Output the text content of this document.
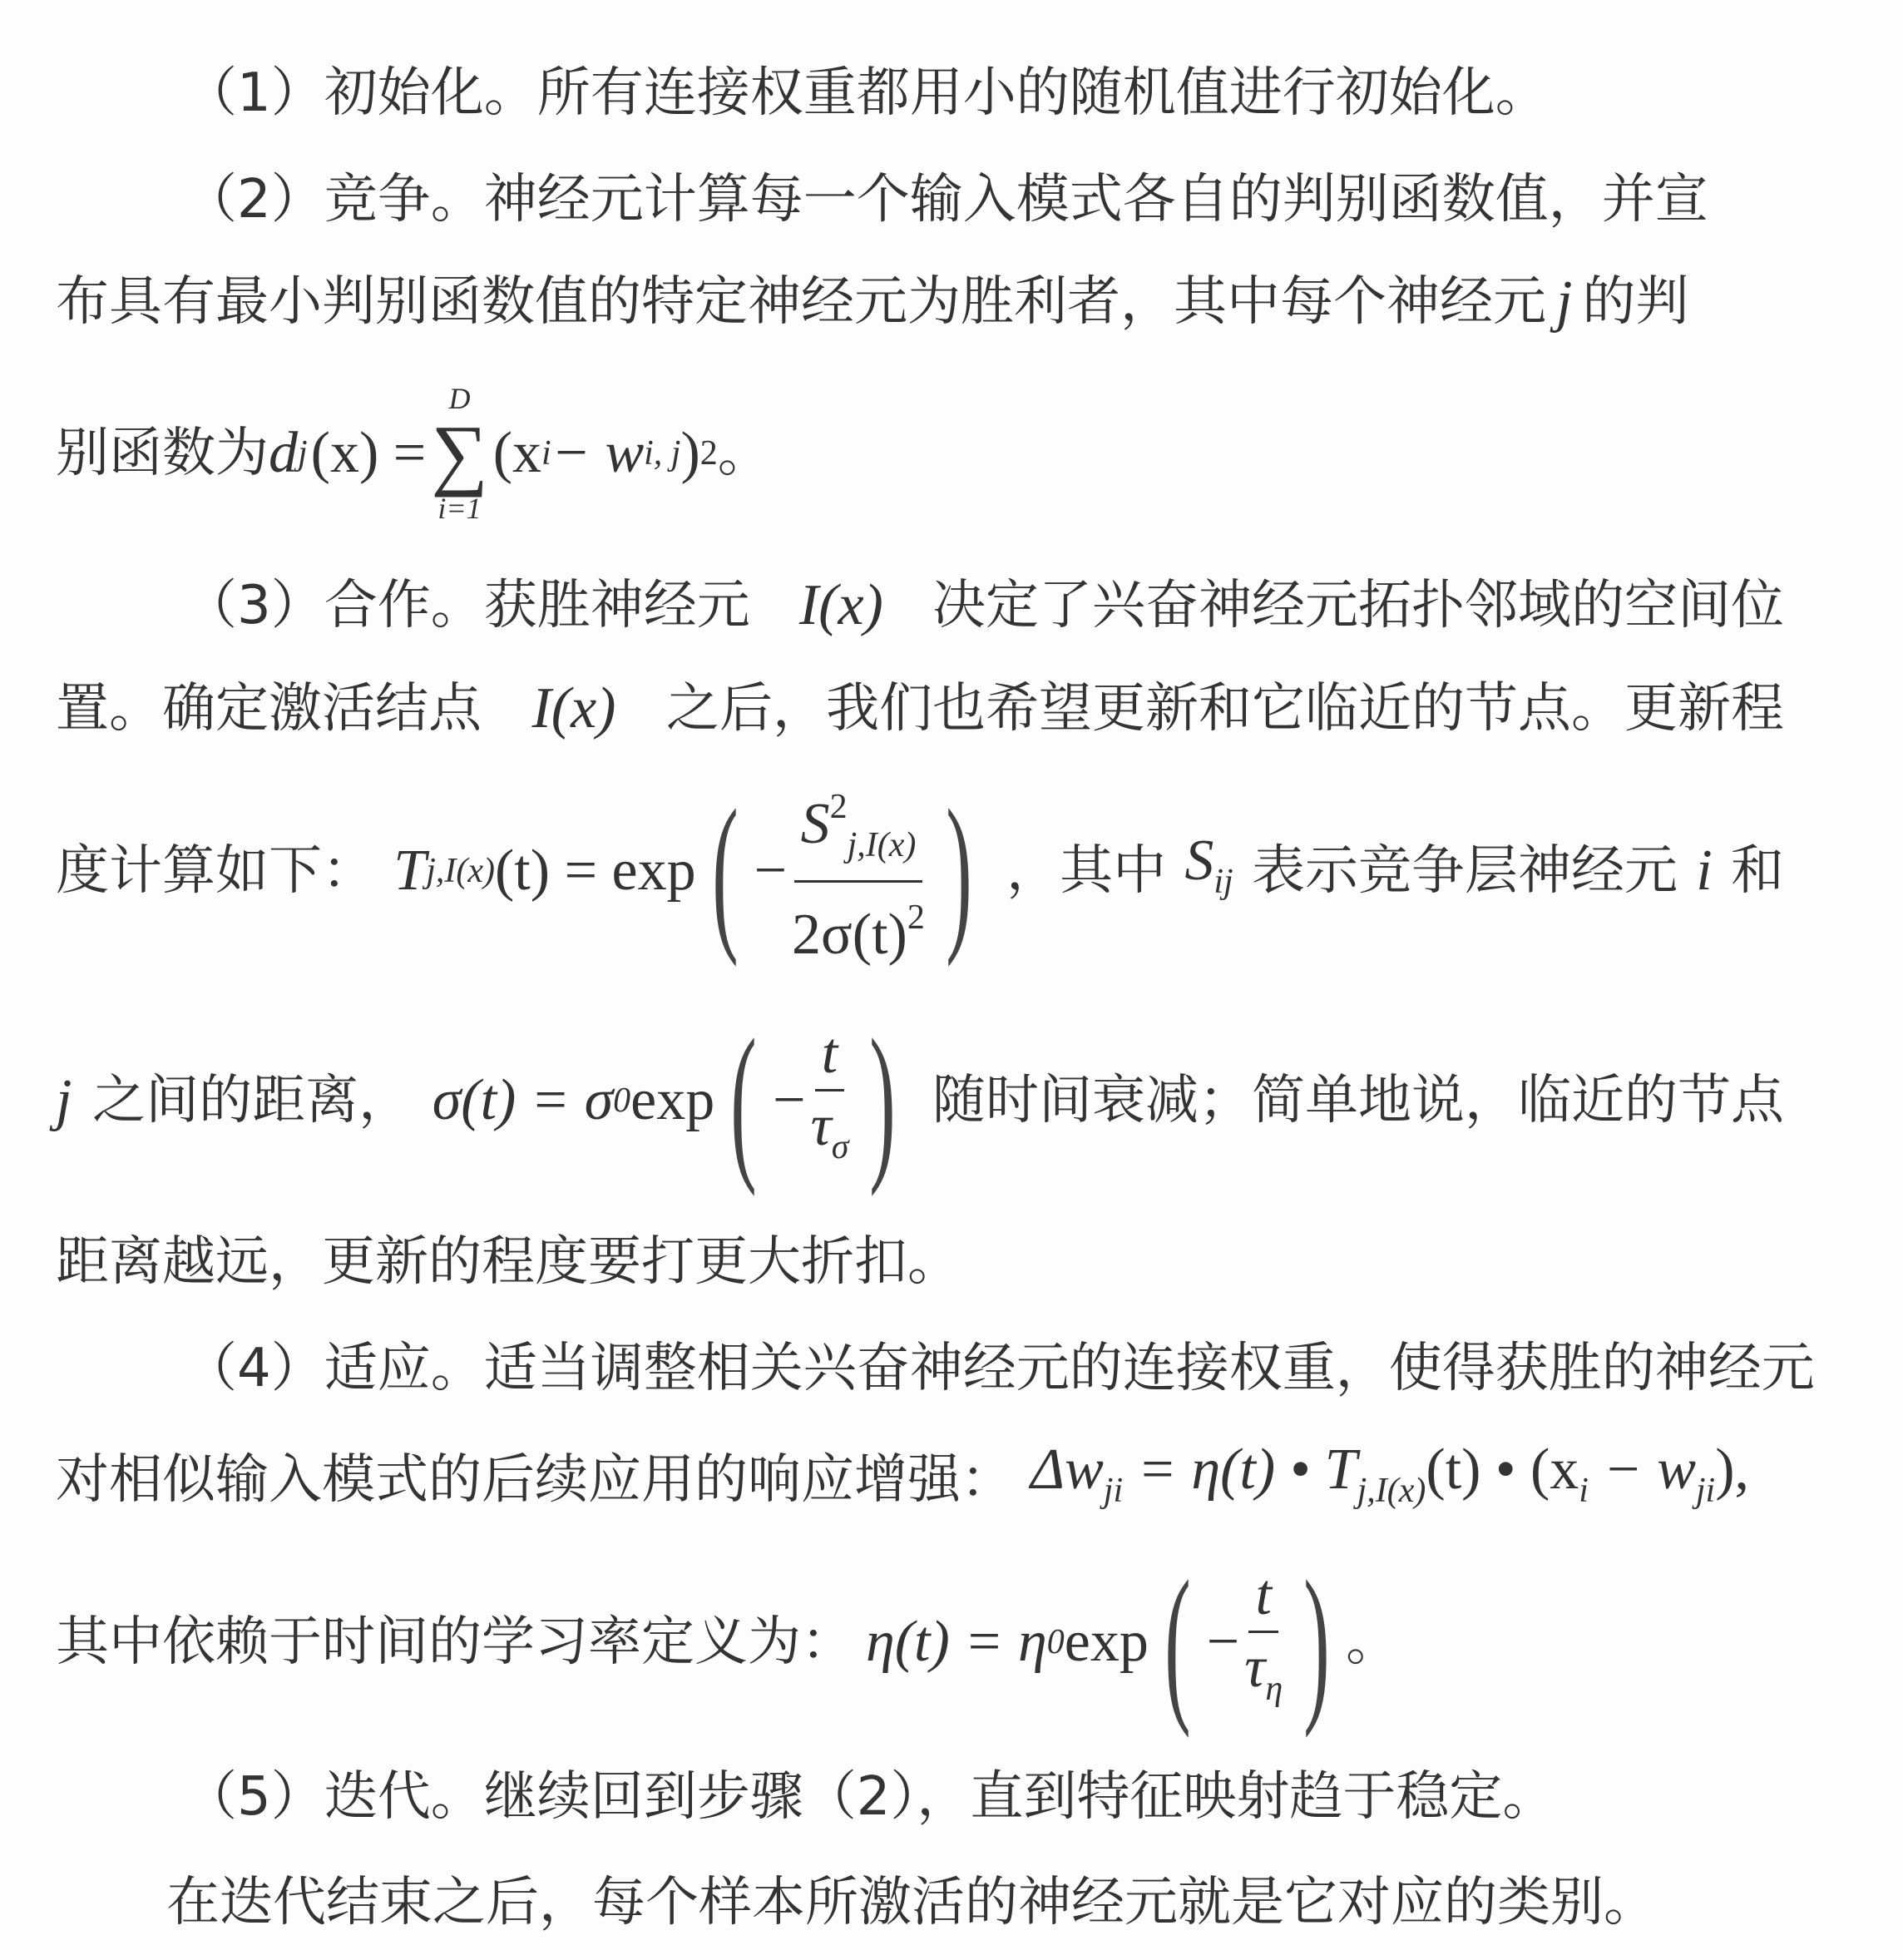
（1）初始化。所有连接权重都用小的随机值进行初始化。
（2）竞争。神经元计算每一个输入模式各自的判别函数值，并宣
布具有最小判别函数值的特定神经元为胜利者，其中每个神经元 j 的判
别函数为 d j (x) =
D
∑
i=1
(x i − w i, j ) 2 。
（3）合作。获胜神经元 I(x) 决定了兴奋神经元拓扑邻域的空间位
置。确定激活结点 I(x) 之后，我们也希望更新和它临近的节点。更新程
度计算如下： T j,I(x) (t) = exp ( − $\frac{S^2_{j,I(x)}}{2\sigma(t)^2}$ ) ，其中 $S_{ij}$ 表示竞争层神经元 i 和
j 之间的距离， σ(t) = σ 0 exp ( − $\frac{t}{\tau_\sigma}$ ) 随时间衰减；简单地说，临近的节点
距离越远，更新的程度要打更大折扣。
（4）适应。适当调整相关兴奋神经元的连接权重，使得获胜的神经元
对相似输入模式的后续应用的响应增强： $\Delta w_{ji} = \eta(t)$ • $T_{j,I(x)}(t)$ • $(x_i - w_{ji})$,
其中依赖于时间的学习率定义为： η(t) = η 0 exp ( − $\frac{t}{\tau_\eta}$ ) 。
（5）迭代。继续回到步骤（2），直到特征映射趋于稳定。
在迭代结束之后，每个样本所激活的神经元就是它对应的类别。
